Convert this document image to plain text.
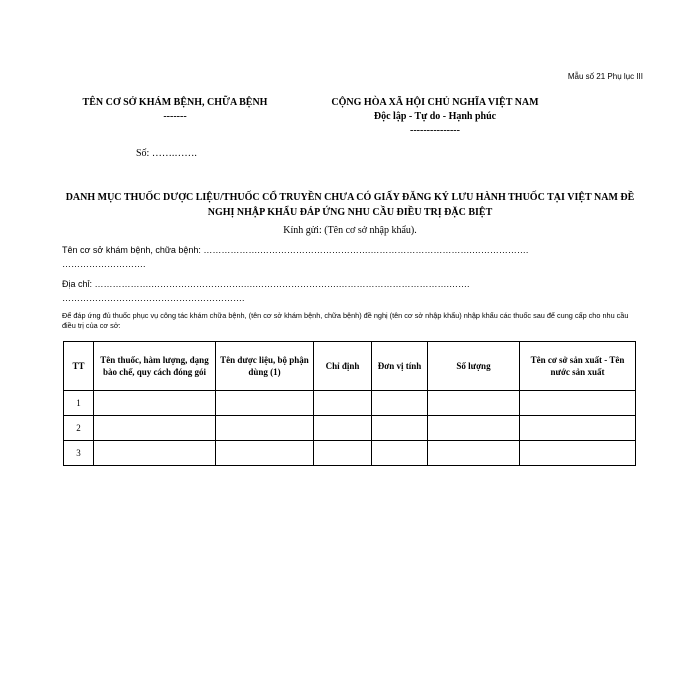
Mẫu số 21 Phụ lục III
TÊN CƠ SỞ KHÁM BỆNH, CHỮA BỆNH
-------
CỘNG HÒA XÃ HỘI CHỦ NGHĨA VIỆT NAM
Độc lập - Tự do - Hạnh phúc
---------------
Số: …….…….
DANH MỤC THUỐC DƯỢC LIỆU/THUỐC CỔ TRUYỀN CHƯA CÓ GIẤY ĐĂNG KÝ LƯU HÀNH THUỐC TẠI VIỆT NAM ĐỀ NGHỊ NHẬP KHẨU ĐÁP ỨNG NHU CẦU ĐIỀU TRỊ ĐẶC BIỆT
Kính gửi: (Tên cơ sở nhập khẩu).
Tên cơ sở khám bệnh, chữa bệnh: ……………….……………………………….…………………………….……………….
……………………….
Địa chỉ: ……………….………………………….….……………………….……………………………….…….
…………………………………………………….
Để đáp ứng đủ thuốc phục vụ công tác khám chữa bệnh, (tên cơ sở khám bệnh, chữa bệnh) đề nghị (tên cơ sở nhập khẩu) nhập khẩu các thuốc sau để cung cấp cho nhu cầu điều trị của cơ sở:
TT	Tên thuốc, hàm lượng, dạng bào chế, quy cách đóng gói	Tên dược liệu, bộ phận dùng (1)	Chỉ định	Đơn vị tính	Số lượng	Tên cơ sở sản xuất - Tên nước sản xuất
1						
2						
3						
